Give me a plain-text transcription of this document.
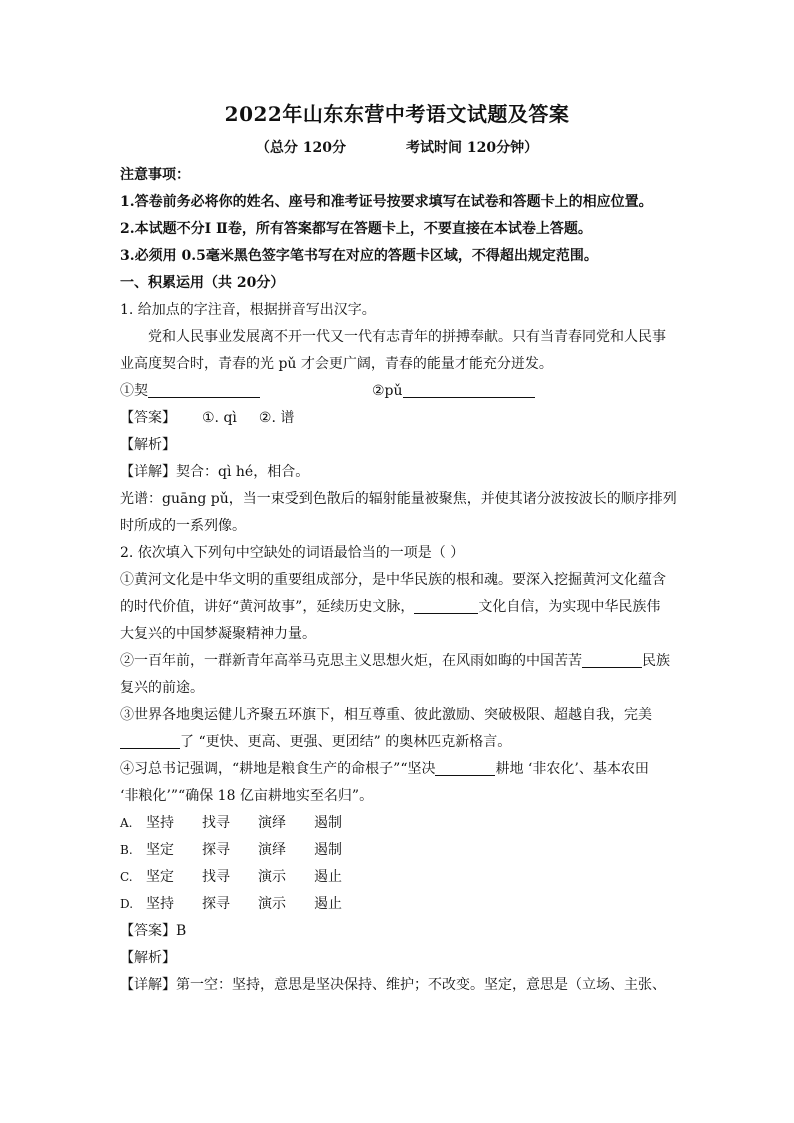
2022年山东东营中考语文试题及答案
（总分 120分	考试时间 120分钟）
注意事项：
1.答卷前务必将你的姓名、座号和准考证号按要求填写在试卷和答题卡上的相应位置。
2.本试题不分Ⅰ Ⅱ卷，所有答案都写在答题卡上，不要直接在本试卷上答题。
3.必须用 0.5毫米黑色签字笔书写在对应的答题卡区域，不得超出规定范围。
一、积累运用（共 20分）
1. 给加点的字注音，根据拼音写出汉字。
党和人民事业发展离不开一代又一代有志青年的拼搏奉献。只有当青春同党和人民事
业高度契合时，青春的光 pǔ 才会更广阔，青春的能量才能充分迸发。
①契	②pǔ
【答案】 ①. qì ②. 谱
【解析】
【详解】契合：qì hé，相合。
光谱：guāng pǔ，当一束受到色散后的辐射能量被聚焦，并使其诸分波按波长的顺序排列
时所成的一系列像。
2. 依次填入下列句中空缺处的词语最恰当的一项是（ ）
①黄河文化是中华文明的重要组成部分，是中华民族的根和魂。要深入挖掘黄河文化蕴含
的时代价值，讲好“黄河故事”，延续历史文脉，	文化自信，为实现中华民族伟
大复兴的中国梦凝聚精神力量。
②一百年前，一群新青年高举马克思主义思想火炬，在风雨如晦的中国苦苦	民族
复兴的前途。
③世界各地奥运健儿齐聚五环旗下，相互尊重、彼此激励、突破极限、超越自我，完美
了 “更快、更高、更强、更团结” 的奥林匹克新格言。
④习总书记强调，“耕地是粮食生产的命根子”“坚决	耕地 ‘非农化’、基本农田
‘非粮化’”“确保 18 亿亩耕地实至名归”。
A. 坚持 找寻 演绎 遏制
B. 坚定 探寻 演绎 遏制
C. 坚定 找寻 演示 遏止
D. 坚持 探寻 演示 遏止
【答案】B
【解析】
【详解】第一空：坚持，意思是坚决保持、维护；不改变。坚定，意思是（立场、主张、
